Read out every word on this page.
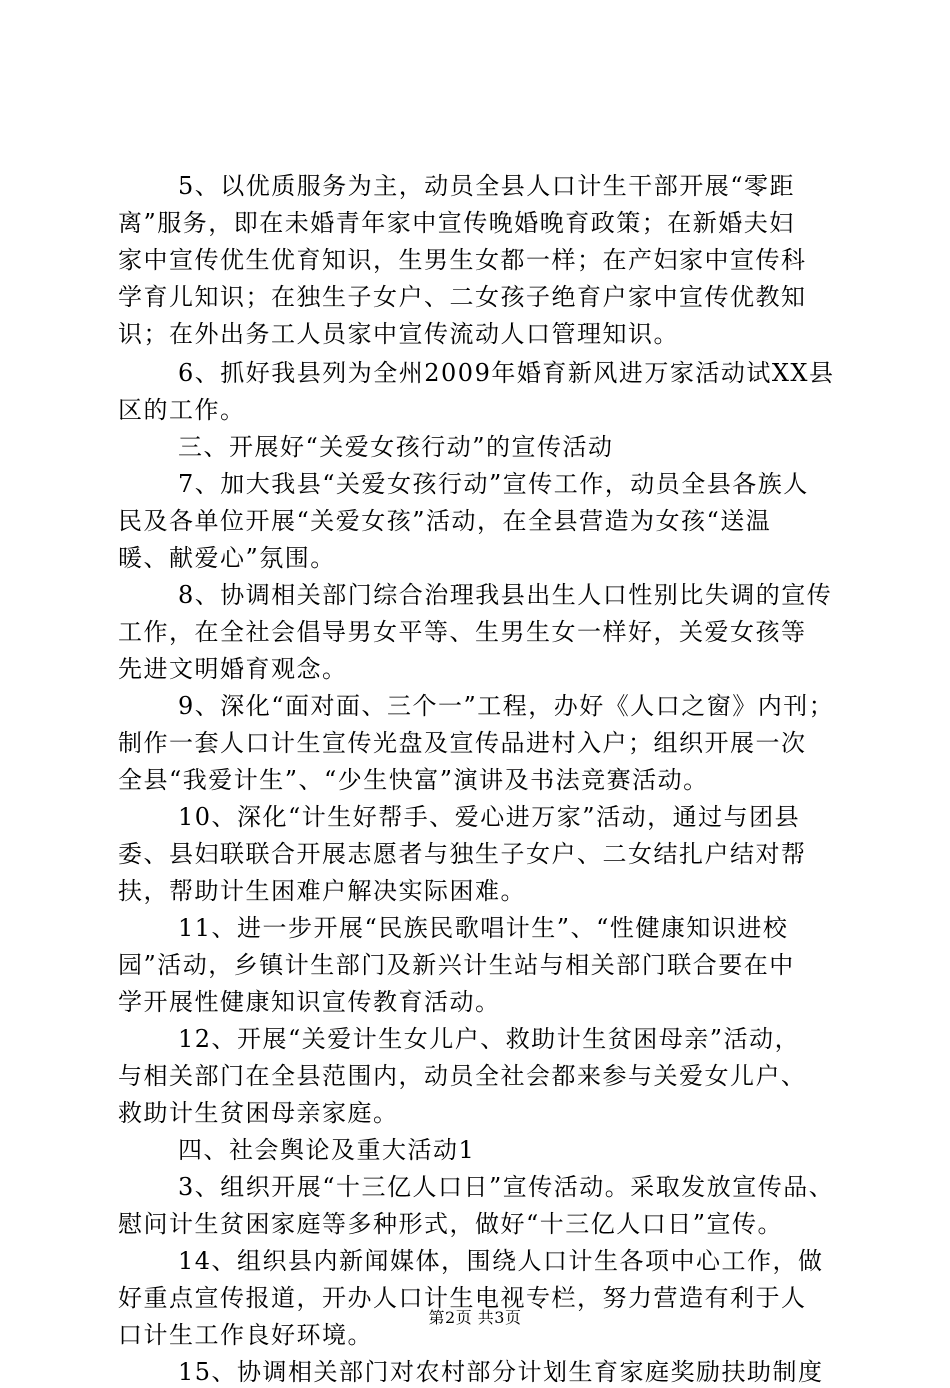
5、以优质服务为主，动员全县人口计生干部开展“零距
离”服务，即在未婚青年家中宣传晚婚晚育政策；在新婚夫妇
家中宣传优生优育知识，生男生女都一样；在产妇家中宣传科
学育儿知识；在独生子女户、二女孩子绝育户家中宣传优教知
识；在外出务工人员家中宣传流动人口管理知识。
6、抓好我县列为全州2009年婚育新风进万家活动试XX县
区的工作。
三、开展好“关爱女孩行动”的宣传活动
7、加大我县“关爱女孩行动”宣传工作，动员全县各族人
民及各单位开展“关爱女孩”活动，在全县营造为女孩“送温
暖、献爱心”氛围。
8、协调相关部门综合治理我县出生人口性别比失调的宣传
工作，在全社会倡导男女平等、生男生女一样好，关爱女孩等
先进文明婚育观念。
9、深化“面对面、三个一”工程，办好《人口之窗》内刊；
制作一套人口计生宣传光盘及宣传品进村入户；组织开展一次
全县“我爱计生”、“少生快富”演讲及书法竞赛活动。
10、深化“计生好帮手、爱心进万家”活动，通过与团县
委、县妇联联合开展志愿者与独生子女户、二女结扎户结对帮
扶，帮助计生困难户解决实际困难。
11、进一步开展“民族民歌唱计生”、“性健康知识进校
园”活动，乡镇计生部门及新兴计生站与相关部门联合要在中
学开展性健康知识宣传教育活动。
12、开展“关爱计生女儿户、救助计生贫困母亲”活动，
与相关部门在全县范围内，动员全社会都来参与关爱女儿户、
救助计生贫困母亲家庭。
四、社会舆论及重大活动1
3、组织开展“十三亿人口日”宣传活动。采取发放宣传品、
慰问计生贫困家庭等多种形式，做好“十三亿人口日”宣传。
14、组织县内新闻媒体，围绕人口计生各项中心工作，做
好重点宣传报道，开办人口计生电视专栏，努力营造有利于人
口计生工作良好环境。
15、协调相关部门对农村部分计划生育家庭奖励扶助制度
第2页 共3页
